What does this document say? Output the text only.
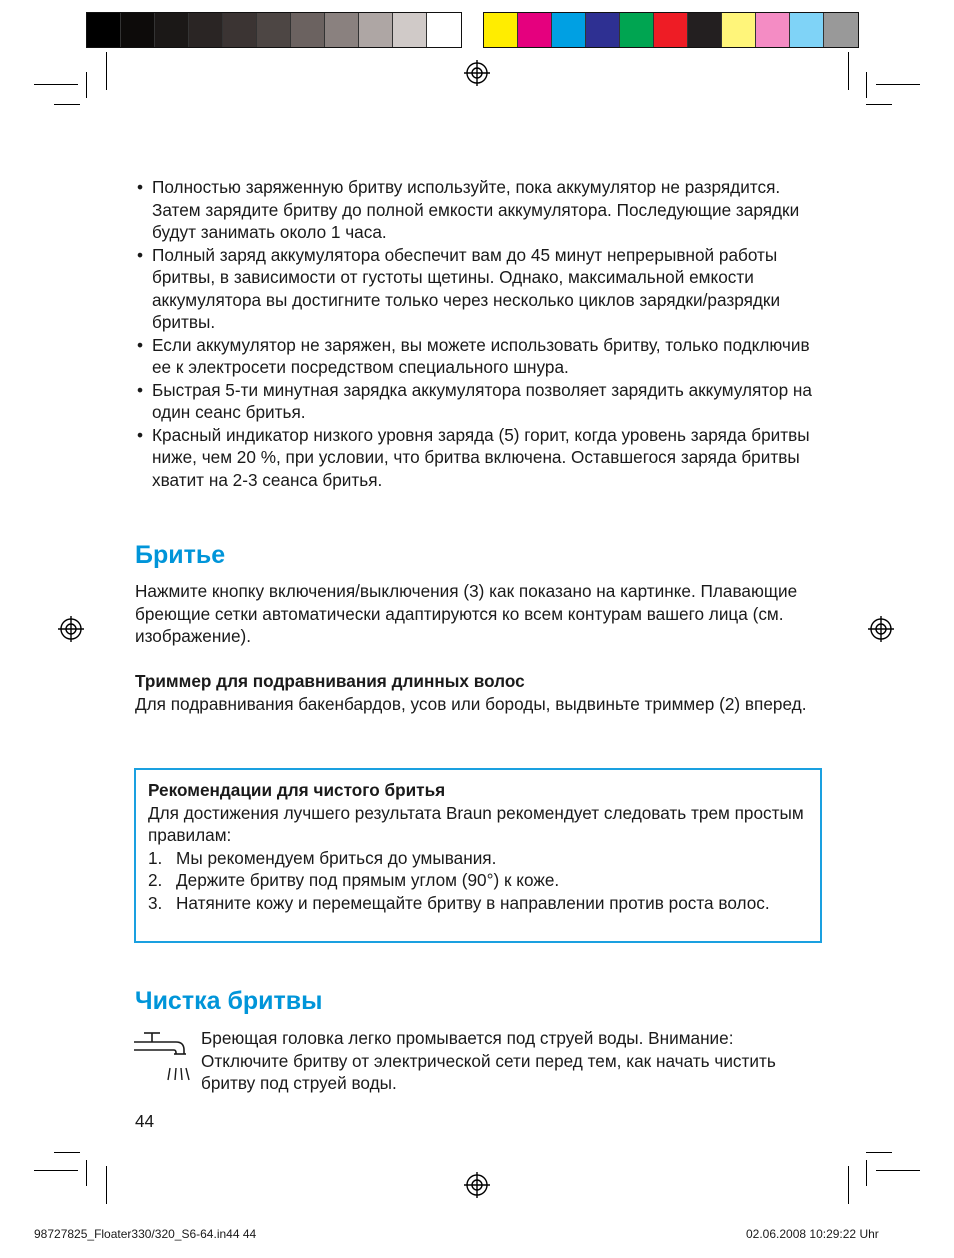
• Полностью заряженную бритву используйте, пока аккумулятор не разрядится. Затем зарядите бритву до полной емкости аккумулятора. Последующие зарядки будут занимать около 1 часа.
• Полный заряд аккумулятора обеспечит вам до 45 минут непрерывной работы бритвы, в зависимости от густоты щетины. Однако, максимальной емкости аккумулятора вы достигните только через несколько циклов зарядки/разрядки бритвы.
• Если аккумулятор не заряжен, вы можете использовать бритву, только подключив ее к электросети посредством специального шнура.
• Быстрая 5-ти минутная зарядка аккумулятора позволяет зарядить аккумулятор на один сеанс бритья.
• Красный индикатор низкого уровня заряда (5) горит, когда уровень заряда бритвы ниже, чем 20 %, при условии, что бритва включена. Оставшегося заряда бритвы хватит на 2-3 сеанса бритья.
Бритье

Нажмите кнопку включения/выключения (3) как показано на картинке. Плавающие бреющие сетки автоматически адаптируются ко всем контурам вашего лица (см. изображение).

Триммер для подравнивания длинных волос

Для подравнивания бакенбардов, усов или бороды, выдвиньте триммер (2) вперед.

Рекомендации для чистого бритья

Для достижения лучшего результата Braun рекомендует следовать трем простым правилам:

1. Мы рекомендуем бриться до умывания.
2. Держите бритву под прямым углом (90°) к коже.
3. Натяните кожу и перемещайте бритву в направлении против роста волос.
Чистка бритвы

Бреющая головка легко промывается под струей воды. Внимание: Отключите бритву от электрической сети перед тем, как начать чистить бритву под струей воды.

44
98727825_Floater330/320_S6-64.in44 44	02.06.2008 10:29:22 Uhr
